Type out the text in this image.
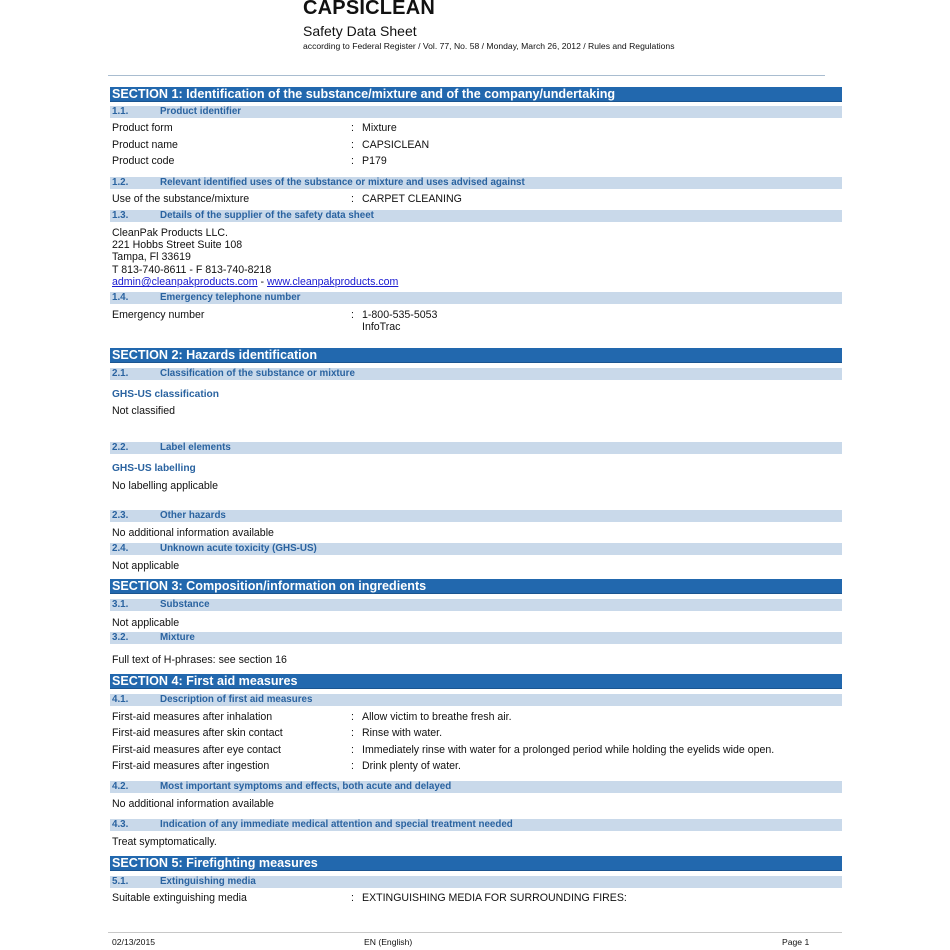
CAPSICLEAN
Safety Data Sheet
according to Federal Register / Vol. 77, No. 58 / Monday, March 26, 2012 / Rules and Regulations
SECTION 1: Identification of the substance/mixture and of the company/undertaking
1.1.	Product identifier
Product form	: Mixture
Product name	: CAPSICLEAN
Product code	: P179
1.2.	Relevant identified uses of the substance or mixture and uses advised against
Use of the substance/mixture	: CARPET CLEANING
1.3.	Details of the supplier of the safety data sheet
CleanPak Products LLC.
221 Hobbs Street Suite 108
Tampa, Fl 33619
T 813-740-8611 - F 813-740-8218
admin@cleanpakproducts.com - www.cleanpakproducts.com
1.4.	Emergency telephone number
Emergency number	: 1-800-535-5053
InfoTrac
SECTION 2: Hazards identification
2.1.	Classification of the substance or mixture
GHS-US classification
Not classified
2.2.	Label elements
GHS-US labelling
No labelling applicable
2.3.	Other hazards
No additional information available
2.4.	Unknown acute toxicity (GHS-US)
Not applicable
SECTION 3: Composition/information on ingredients
3.1.	Substance
Not applicable
3.2.	Mixture
Full text of H-phrases: see section 16
SECTION 4: First aid measures
4.1.	Description of first aid measures
First-aid measures after inhalation	: Allow victim to breathe fresh air.
First-aid measures after skin contact	: Rinse with water.
First-aid measures after eye contact	: Immediately rinse with water for a prolonged period while holding the eyelids wide open.
First-aid measures after ingestion	: Drink plenty of water.
4.2.	Most important symptoms and effects, both acute and delayed
No additional information available
4.3.	Indication of any immediate medical attention and special treatment needed
Treat symptomatically.
SECTION 5: Firefighting measures
5.1.	Extinguishing media
Suitable extinguishing media	: EXTINGUISHING MEDIA FOR SURROUNDING FIRES:
02/13/2015	EN (English)	Page 1
